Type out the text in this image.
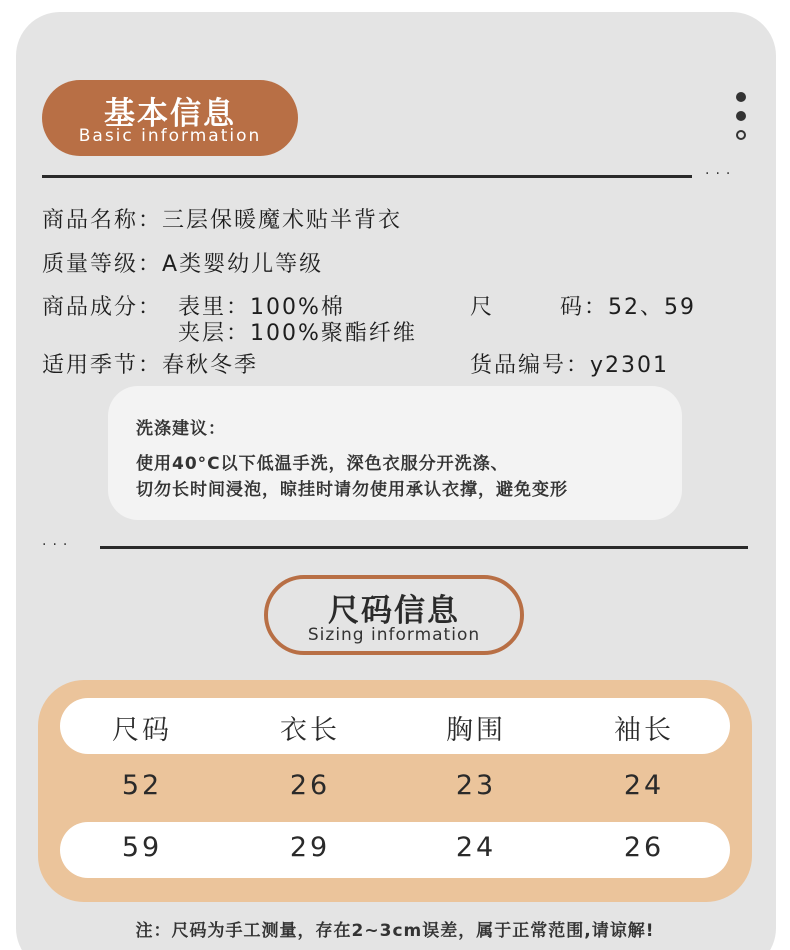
基本信息
Basic information
···
商品名称：三层保暖魔术贴半背衣
质量等级：A类婴幼儿等级
商品成分： 表里：100%棉
夹层：100%聚酯纤维
尺	码：52、59
适用季节：春秋冬季	货品编号：y2301
洗涤建议：
使用40°C以下低温手洗，深色衣服分开洗涤、
切勿长时间浸泡，晾挂时请勿使用承认衣撑，避免变形
···
尺码信息
Sizing information
尺码	衣长	胸围	袖长
52	26	23	24
59	29	24	26
注：尺码为手工测量，存在2~3cm误差，属于正常范围,请谅解!
